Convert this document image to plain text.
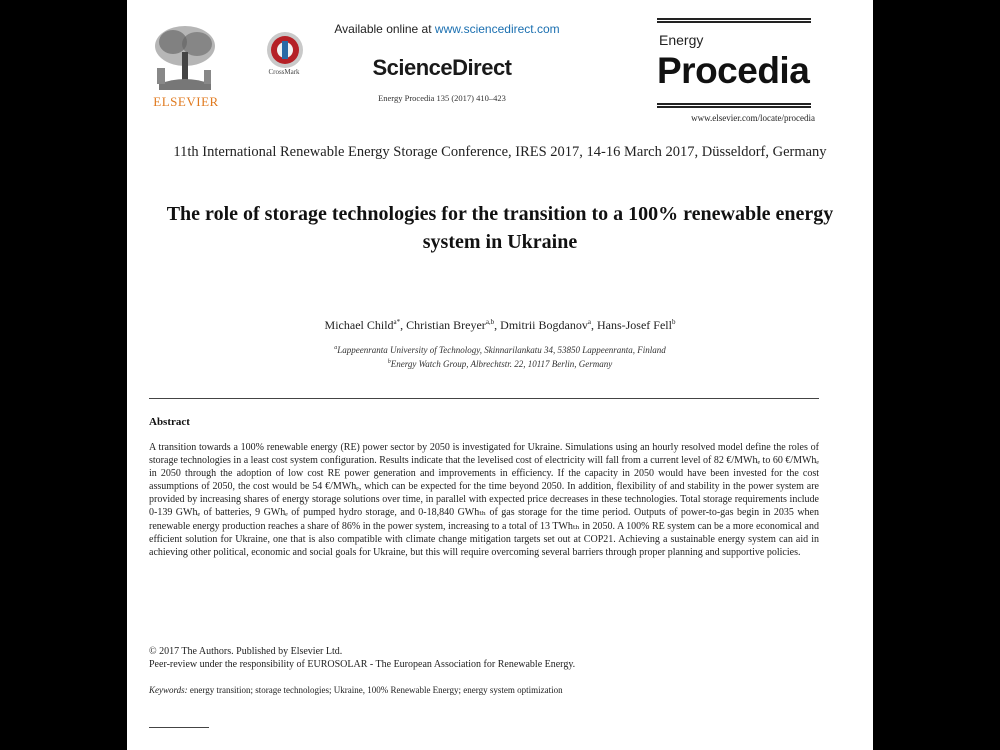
ELSEVIER
CrossMark
Available online at www.sciencedirect.com
ScienceDirect
Energy Procedia 135 (2017) 410–423
Energy
Procedia
www.elsevier.com/locate/procedia
11th International Renewable Energy Storage Conference, IRES 2017, 14-16 March 2017, Düsseldorf, Germany
The role of storage technologies for the transition to a 100% renewable energy system in Ukraine
Michael Child$^{a*}$, Christian Breyer$^{a,b}$, Dmitrii Bogdanov$^a$, Hans-Josef Fell$^b$
$^a$Lappeenranta University of Technology, Skinnarilankatu 34, 53850 Lappeenranta, Finland
$^b$Energy Watch Group, Albrechtstr. 22, 10117 Berlin, Germany
Abstract
A transition towards a 100% renewable energy (RE) power sector by 2050 is investigated for Ukraine. Simulations using an hourly resolved model define the roles of storage technologies in a least cost system configuration. Results indicate that the levelised cost of electricity will fall from a current level of 82 €/MWhₑ to 60 €/MWhₑ in 2050 through the adoption of low cost RE power generation and improvements in efficiency. If the capacity in 2050 would have been invested for the cost assumptions of 2050, the cost would be 54 €/MWhₑ, which can be expected for the time beyond 2050. In addition, flexibility of and stability in the power system are provided by increasing shares of energy storage solutions over time, in parallel with expected price decreases in these technologies. Total storage requirements include 0-139 GWhₑ of batteries, 9 GWhₑ of pumped hydro storage, and 0-18,840 GWhₜₕ of gas storage for the time period. Outputs of power-to-gas begin in 2035 when renewable energy production reaches a share of 86% in the power system, increasing to a total of 13 TWhₜₕ in 2050. A 100% RE system can be a more economical and efficient solution for Ukraine, one that is also compatible with climate change mitigation targets set out at COP21. Achieving a sustainable energy system can aid in achieving other political, economic and social goals for Ukraine, but this will require overcoming several barriers through proper planning and supportive policies.
© 2017 The Authors. Published by Elsevier Ltd.
Peer-review under the responsibility of EUROSOLAR - The European Association for Renewable Energy.
Keywords: energy transition; storage technologies; Ukraine, 100% Renewable Energy; energy system optimization
